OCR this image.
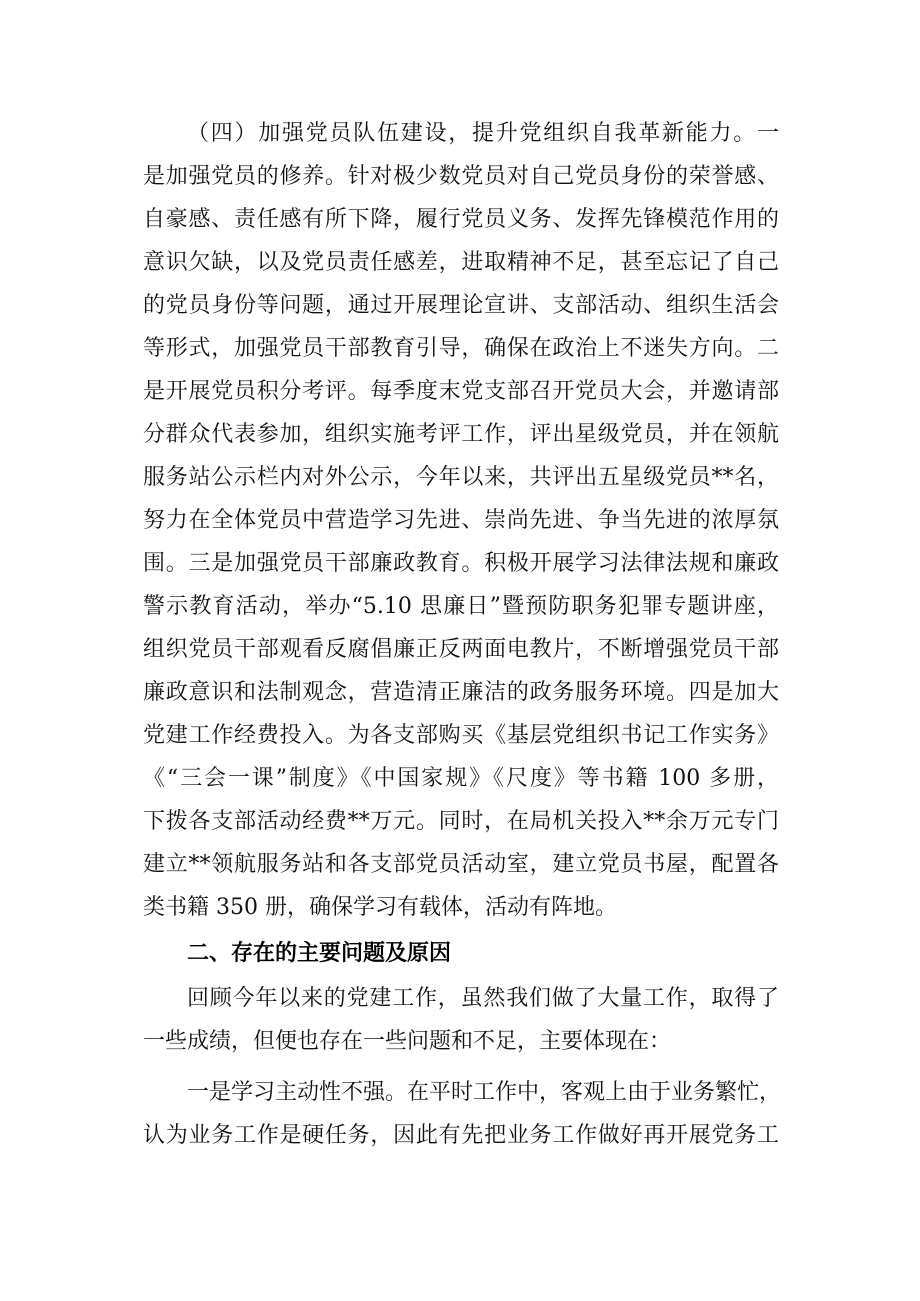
（四）加强党员队伍建设，提升党组织自我革新能力。一
是加强党员的修养。针对极少数党员对自己党员身份的荣誉感、
自豪感、责任感有所下降，履行党员义务、发挥先锋模范作用的
意识欠缺，以及党员责任感差，进取精神不足，甚至忘记了自己
的党员身份等问题，通过开展理论宣讲、支部活动、组织生活会
等形式，加强党员干部教育引导，确保在政治上不迷失方向。二
是开展党员积分考评。每季度末党支部召开党员大会，并邀请部
分群众代表参加，组织实施考评工作，评出星级党员，并在领航
服务站公示栏内对外公示，今年以来，共评出五星级党员**名，
努力在全体党员中营造学习先进、崇尚先进、争当先进的浓厚氛
围。三是加强党员干部廉政教育。积极开展学习法律法规和廉政
警示教育活动，举办“5.10 思廉日”暨预防职务犯罪专题讲座，
组织党员干部观看反腐倡廉正反两面电教片，不断增强党员干部
廉政意识和法制观念，营造清正廉洁的政务服务环境。四是加大
党建工作经费投入。为各支部购买《基层党组织书记工作实务》
《“三会一课”制度》《中国家规》《尺度》等书籍 100 多册，
下拨各支部活动经费**万元。同时，在局机关投入**余万元专门
建立**领航服务站和各支部党员活动室，建立党员书屋，配置各
类书籍 350 册，确保学习有载体，活动有阵地。
二、存在的主要问题及原因
回顾今年以来的党建工作，虽然我们做了大量工作，取得了
一些成绩，但便也存在一些问题和不足，主要体现在：
一是学习主动性不强。在平时工作中，客观上由于业务繁忙，
认为业务工作是硬任务，因此有先把业务工作做好再开展党务工
